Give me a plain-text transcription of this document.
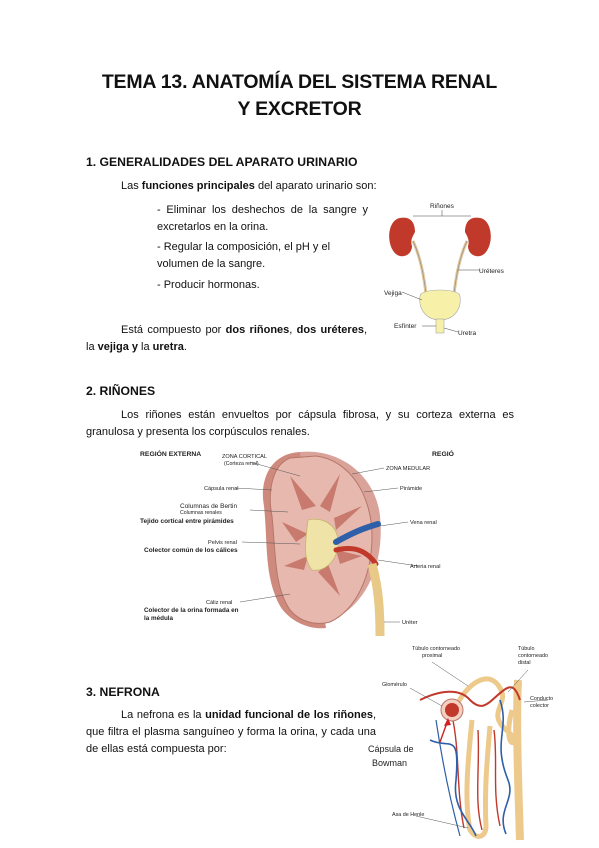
TEMA 13. ANATOMÍA DEL SISTEMA RENAL
Y EXCRETOR
1. GENERALIDADES DEL APARATO URINARIO
Las funciones principales del aparato urinario son:
- Eliminar los deshechos de la sangre y excretarlos en la orina.
- Regular la composición, el pH y el volumen de la sangre.
- Producir hormonas.
Está compuesto por dos riñones, dos uréteres, la vejiga y la uretra.
Riñones
Uréteres
Vejiga
Esfínter
Uretra
2. RIÑONES
Los riñones están envueltos por cápsula fibrosa, y su corteza externa es granulosa y presenta los corpúsculos renales.
REGIÓN EXTERNA	REGIÓ
ZONA CORTICAL
(Corteza renal)
ZONA MEDULAR
Cápsula renal	Pirámide
Columnas de Bertin
Columnas renales
Tejido cortical entre pirámides	Vena renal
Pelvis renal
Colector común de los cálices
Arteria renal
Cáliz renal
Colector de la orina formada en
la médula
Uréter
3. NEFRONA
La nefrona es la unidad funcional de los riñones, que filtra el plasma sanguíneo y forma la orina, y cada una de ellas está compuesta por:
Túbulo contorneado
proximal
Túbulo
contorneado
distal
Glomérulo
Conducto
colector
Cápsula de
Bowman
Asa de Henle
